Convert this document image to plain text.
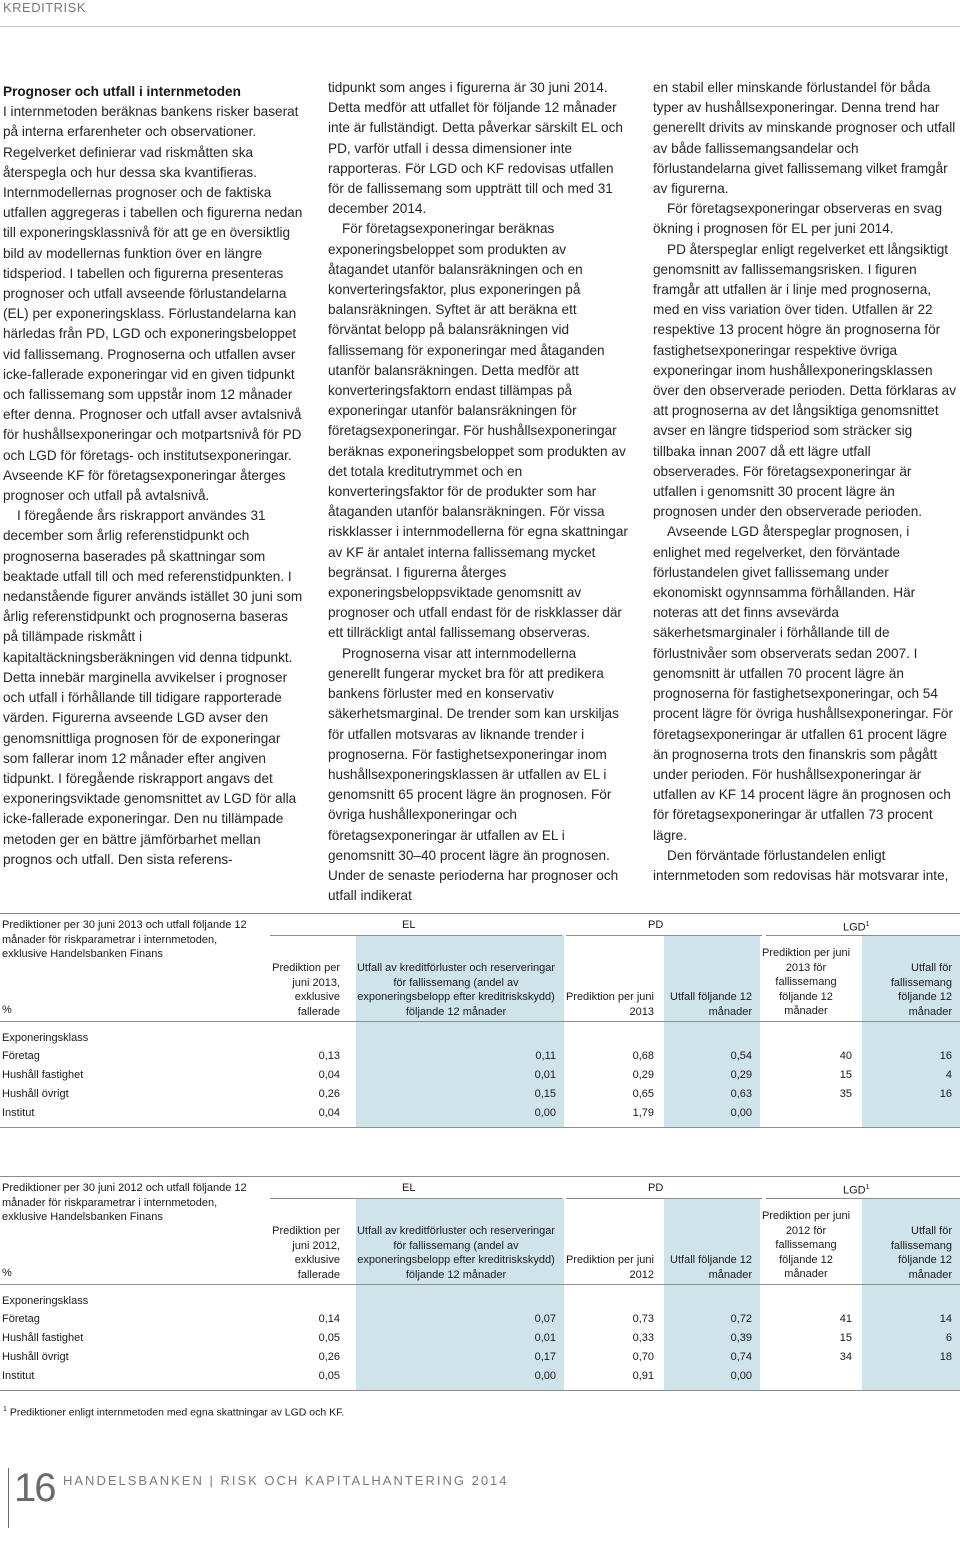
KREDITRISK

Prognoser och utfall i internmetoden

I internmetoden beräknas bankens risker baserat på interna erfarenheter och observationer. Regelverket definierar vad riskmåtten ska återspegla och hur dessa ska kvantifieras. Internmodellernas prognoser och de faktiska utfallen aggregeras i tabellen och figurerna nedan till exponeringsklassnivå för att ge en översiktlig bild av modellernas funktion över en längre tidsperiod. I tabellen och figurerna presenteras prognoser och utfall avseende förlustandelarna (EL) per exponeringsklass. Förlustandelarna kan härledas från PD, LGD och exponeringsbeloppet vid fallissemang. Prognoserna och utfallen avser icke-fallerade exponeringar vid en given tidpunkt och fallissemang som uppstår inom 12 månader efter denna. Prognoser och utfall avser avtalsnivå för hushållsexponeringar och motpartsnivå för PD och LGD för företags- och institutsexponeringar. Avseende KF för företagsexponeringar återges prognoser och utfall på avtalsnivå.

I föregående års riskrapport användes 31 december som årlig referenstidpunkt och prognoserna baserades på skattningar som beaktade utfall till och med referenstidpunkten. I nedanstående figurer används istället 30 juni som årlig referenstidpunkt och prognoserna baseras på tillämpade riskmått i kapitaltäckningsberäkningen vid denna tidpunkt. Detta innebär marginella avvikelser i prognoser och utfall i förhållande till tidigare rapporterade värden. Figurerna avseende LGD avser den genomsnittliga prognosen för de exponeringar som fallerar inom 12 månader efter angiven tidpunkt. I föregående riskrapport angavs det exponeringsviktade genomsnittet av LGD för alla icke-fallerade exponeringar. Den nu tillämpade metoden ger en bättre jämförbarhet mellan prognos och utfall. Den sista referens-

tidpunkt som anges i figurerna är 30 juni 2014. Detta medför att utfallet för följande 12 månader inte är fullständigt. Detta påverkar särskilt EL och PD, varför utfall i dessa dimensioner inte rapporteras. För LGD och KF redovisas utfallen för de fallissemang som uppträtt till och med 31 december 2014.

För företagsexponeringar beräknas exponeringsbeloppet som produkten av åtagandet utanför balansräkningen och en konverteringsfaktor, plus exponeringen på balansräkningen. Syftet är att beräkna ett förväntat belopp på balansräkningen vid fallissemang för exponeringar med åtaganden utanför balansräkningen. Detta medför att konverteringsfaktorn endast tillämpas på exponeringar utanför balansräkningen för företagsexponeringar. För hushållsexponeringar beräknas exponeringsbeloppet som produkten av det totala kreditutrymmet och en konverteringsfaktor för de produkter som har åtaganden utanför balansräkningen. För vissa riskklasser i internmodellerna för egna skattningar av KF är antalet interna fallissemang mycket begränsat. I figurerna återges exponeringsbeloppsviktade genomsnitt av prognoser och utfall endast för de riskklasser där ett tillräckligt antal fallissemang observeras.

Prognoserna visar att internmodellerna generellt fungerar mycket bra för att predikera bankens förluster med en konservativ säkerhetsmarginal. De trender som kan urskiljas för utfallen motsvaras av liknande trender i prognoserna. För fastighetsexponeringar inom hushållsexponeringsklassen är utfallen av EL i genomsnitt 65 procent lägre än prognosen. För övriga hushållexponeringar och företagsexponeringar är utfallen av EL i genomsnitt 30–40 procent lägre än prognosen. Under de senaste perioderna har prognoser och utfall indikerat

en stabil eller minskande förlustandel för båda typer av hushållsexponeringar. Denna trend har generellt drivits av minskande prognoser och utfall av både fallissemangsandelar och förlustandelarna givet fallissemang vilket framgår av figurerna.

För företagsexponeringar observeras en svag ökning i prognosen för EL per juni 2014.

PD återspeglar enligt regelverket ett långsiktigt genomsnitt av fallissemangsrisken. I figuren framgår att utfallen är i linje med prognoserna, med en viss variation över tiden. Utfallen är 22 respektive 13 procent högre än prognoserna för fastighetsexponeringar respektive övriga exponeringar inom hushållexponeringsklassen över den observerade perioden. Detta förklaras av att prognoserna av det långsiktiga genomsnittet avser en längre tidsperiod som sträcker sig tillbaka innan 2007 då ett lägre utfall observerades. För företagsexponeringar är utfallen i genomsnitt 30 procent lägre än prognosen under den observerade perioden.

Avseende LGD återspeglar prognosen, i enlighet med regelverket, den förväntade förlustandelen givet fallissemang under ekonomiskt ogynnsamma förhållanden. Här noteras att det finns avsevärda säkerhetsmarginaler i förhållande till de förlustnivåer som observerats sedan 2007. I genomsnitt är utfallen 70 procent lägre än prognoserna för fastighetsexponeringar, och 54 procent lägre för övriga hushållsexponeringar. För företagsexponeringar är utfallen 61 procent lägre än prognoserna trots den finanskris som pågått under perioden. För hushållsexponeringar är utfallen av KF 14 procent lägre än prognosen och för företagsexponeringar är utfallen 73 procent lägre.

Den förväntade förlustandelen enligt internmetoden som redovisas här motsvarar inte,

Prediktioner per 30 juni 2013 och utfall följande 12 månader för riskparametrar i internmetoden, exklusive Handelsbanken Finans
%
EL	PD	LGD$^1$
Prediktion per juni 2013, exklusive fallerade
Utfall av kreditförluster och reserveringar för fallissemang (andel av exponeringsbelopp efter kreditriskskydd) följande 12 månader
Prediktion per juni 2013
Utfall följande 12 månader
Prediktion per juni 2013 för fallissemang följande 12 månader
Utfall för fallissemang följande 12 månader
Exponeringsklass
Företag	0,13	0,11	0,68	0,54	40	16
Hushåll fastighet	0,04	0,01	0,29	0,29	15	4
Hushåll övrigt	0,26	0,15	0,65	0,63	35	16
Institut	0,04	0,00	1,79	0,00
Prediktioner per 30 juni 2012 och utfall följande 12 månader för riskparametrar i internmetoden, exklusive Handelsbanken Finans
%
EL	PD	LGD$^1$
Prediktion per juni 2012, exklusive fallerade
Utfall av kreditförluster och reserveringar för fallissemang (andel av exponeringsbelopp efter kreditriskskydd) följande 12 månader
Prediktion per juni 2012
Utfall följande 12 månader
Prediktion per juni 2012 för fallissemang följande 12 månader
Utfall för fallissemang följande 12 månader
Exponeringsklass
Företag	0,14	0,07	0,73	0,72	41	14
Hushåll fastighet	0,05	0,01	0,33	0,39	15	6
Hushåll övrigt	0,26	0,17	0,70	0,74	34	18
Institut	0,05	0,00	0,91	0,00
$^1$ Prediktioner enligt internmetoden med egna skattningar av LGD och KF.
16 HANDELSBANKEN | RISK OCH KAPITALHANTERING 2014
